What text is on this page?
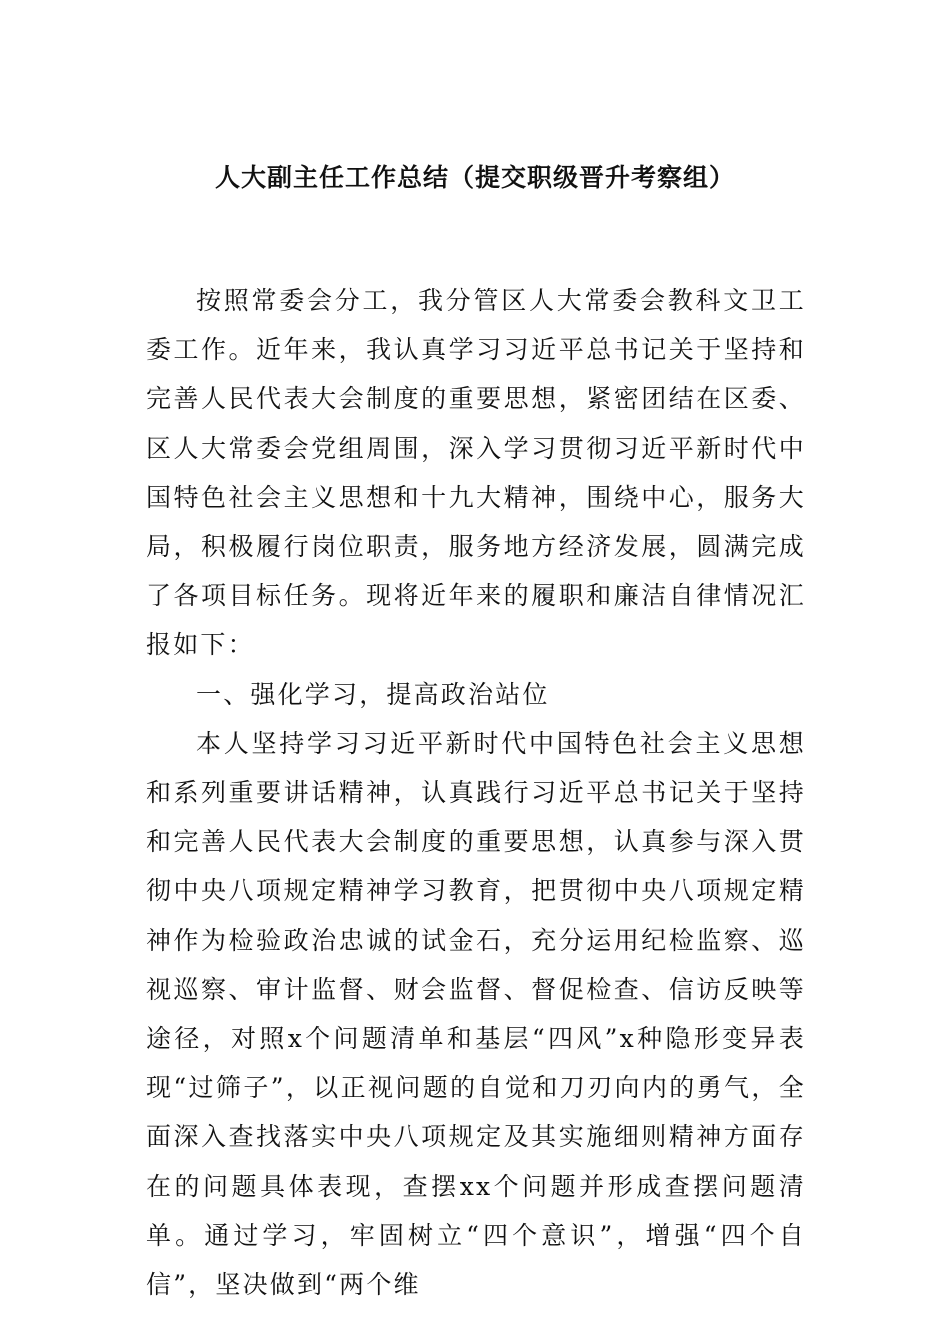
人大副主任工作总结（提交职级晋升考察组）

按照常委会分工，我分管区人大常委会教科文卫工委工作。近年来，我认真学习习近平总书记关于坚持和完善人民代表大会制度的重要思想，紧密团结在区委、区人大常委会党组周围，深入学习贯彻习近平新时代中国特色社会主义思想和十九大精神，围绕中心，服务大局，积极履行岗位职责，服务地方经济发展，圆满完成了各项目标任务。现将近年来的履职和廉洁自律情况汇报如下：

一、强化学习，提高政治站位

本人坚持学习习近平新时代中国特色社会主义思想和系列重要讲话精神，认真践行习近平总书记关于坚持和完善人民代表大会制度的重要思想，认真参与深入贯彻中央八项规定精神学习教育，把贯彻中央八项规定精神作为检验政治忠诚的试金石，充分运用纪检监察、巡视巡察、审计监督、财会监督、督促检查、信访反映等途径，对照x个问题清单和基层“四风”x种隐形变异表现“过筛子”，以正视问题的自觉和刀刃向内的勇气，全面深入查找落实中央八项规定及其实施细则精神方面存在的问题具体表现，查摆xx个问题并形成查摆问题清单。通过学习，牢固树立“四个意识”，增强“四个自信”，坚决做到“两个维
